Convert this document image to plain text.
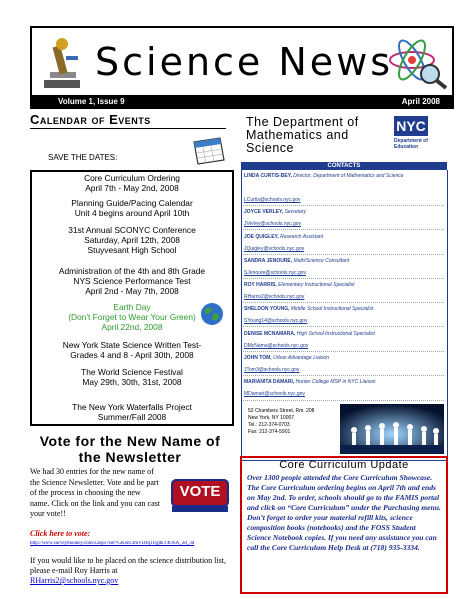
Science News
Volume 1, Issue 9	April 2008
Calendar of Events
SAVE THE DATES:
Core Curriculum Ordering
April 7th - May 2nd, 2008
Planning Guide/Pacing Calendar
Unit 4 begins around April 10th
31st Annual SCONYC Conference
Saturday, April 12th, 2008
Stuyvesant High School
Administration of the 4th and 8th Grade
NYS Science Performance Test
April 2nd - May 7th, 2008
Earth Day
(Don't Forget to Wear Your Green)
April 22nd, 2008
New York State Science Written Test-
Grades 4 and 8 - April 30th, 2008
The World Science Festival
May 29th, 30th, 31st, 2008
The New York Waterfalls Project
Summer/Fall 2008
Vote for the New Name of the Newsletter
We had 30 entries for the new name of the Science Newsletter. Vote and be part of the process in choosing the new name. Click on the link and you can cast your vote!!
VOTE
Click here to vote:
http://www.surveymonkey.com/s.aspx?sm=GKonc3mVtJ4q1UgdkT4OSA_3d_3d
If you would like to be placed on the science distribution list, please e-mail Roy Harris at
RHarris2@schools.nyc.gov
The Department of Mathematics and Science
NYC
Department of Education
CONTACTS
LINDA CURTIS-BEY, Director, Department of Mathematics and Science
LCurtis@schools.nyc.gov
JOYCE VERLEY, Secretary
JVerley@schools.nyc.gov
JOE QUIGLEY, Research Assistant
JQuigley@schools.nyc.gov
SANDRA JENOURE, Math/Science Consultant
SJenoure@schools.nyc.gov
ROY HARRIS, Elementary Instructional Specialist
RHarris2@schools.nyc.gov
SHELDON YOUNG, Middle School Instructional Specialist
SYoung14@schools.nyc.gov
DENISE MCNAMARA, High School Instructional Specialist
DMcNama@schools.nyc.gov
JOHN TOM, Urban Advantage Liaison
JTom3@schools.nyc.gov
MARIANITA DAMARI, Hunter College MSP in NYC Liaison
MDamari@schools.nyc.gov
52 Chambers Street, Rm. 208
New York, NY 10007
Tel.: 212-374-0703
Fax: 212-374-5901
Core Curriculum Update
Over 1300 people attended the Core Curriculum Showcase. The Core Curriculum ordering begins on April 7th and ends on May 2nd. To order, schools should go to the FAMIS portal and click on “Core Curriculum” under the Purchasing menu. Don’t forget to order your material refill kits, science composition books (notebooks) and the FOSS Student Science Notebook copies. If you need any assistance you can call the Core Curriculum Help Desk at (718) 935-3334.
